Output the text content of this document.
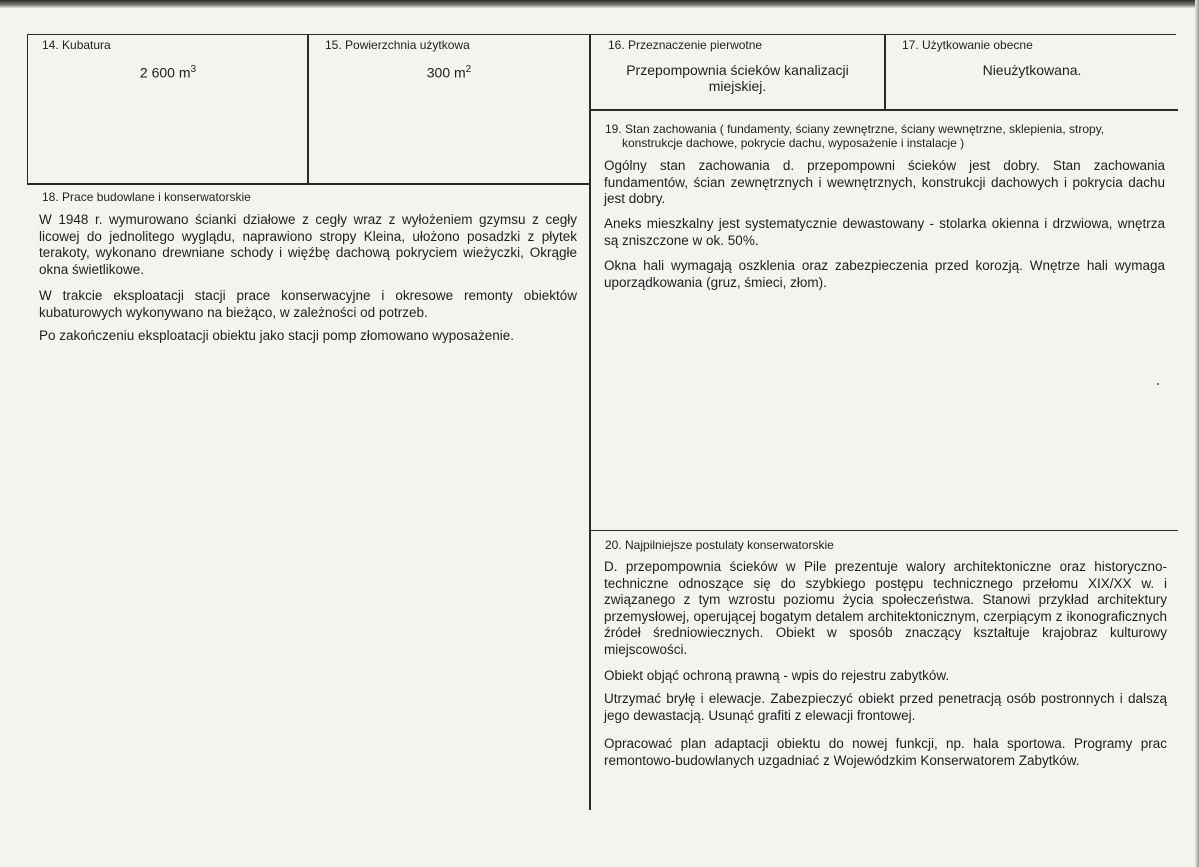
14. Kubatura
2 600 $m^3$
15. Powierzchnia użytkowa
300 $m^2$
16. Przeznaczenie pierwotne
Przepompownia ścieków kanalizacji
miejskiej.
17. Użytkowanie obecne
Nieużytkowana.
18. Prace budowlane i konserwatorskie

W 1948 r. wymurowano ścianki działowe z cegły wraz z wyłożeniem gzymsu z cegły licowej do jednolitego wyglądu, naprawiono stropy Kleina, ułożono posadzki z płytek terakoty, wykonano drewniane schody i więźbę dachową pokryciem wieżyczki, Okrągłe okna świetlikowe.

W trakcie eksploatacji stacji prace konserwacyjne i okresowe remonty obiektów kubaturowych wykonywano na bieżąco, w zależności od potrzeb.

Po zakończeniu eksploatacji obiektu jako stacji pomp złomowano wyposażenie.

19. Stan zachowania ( fundamenty, ściany zewnętrzne, ściany wewnętrzne, sklepienia, stropy,
konstrukcje dachowe, pokrycie dachu, wyposażenie i instalacje )

Ogólny stan zachowania d. przepompowni ścieków jest dobry. Stan zachowania fundamentów, ścian zewnętrznych i wewnętrznych, konstrukcji dachowych i pokrycia dachu jest dobry.

Aneks mieszkalny jest systematycznie dewastowany - stolarka okienna i drzwiowa, wnętrza są zniszczone w ok. 50%.

Okna hali wymagają oszklenia oraz zabezpieczenia przed korozją. Wnętrze hali wymaga uporządkowania (gruz, śmieci, złom).

20. Najpilniejsze postulaty konserwatorskie

D. przepompownia ścieków w Pile prezentuje walory architektoniczne oraz historyczno-techniczne odnoszące się do szybkiego postępu technicznego przełomu XIX/XX w. i związanego z tym wzrostu poziomu życia społeczeństwa. Stanowi przykład architektury przemysłowej, operującej bogatym detalem architektonicznym, czerpiącym z ikonograficznych źródeł średniowiecznych. Obiekt w sposób znaczący kształtuje krajobraz kulturowy miejscowości.

Obiekt objąć ochroną prawną - wpis do rejestru zabytków.

Utrzymać bryłę i elewacje. Zabezpieczyć obiekt przed penetracją osób postronnych i dalszą jego dewastacją. Usunąć grafiti z elewacji frontowej.

Opracować plan adaptacji obiektu do nowej funkcji, np. hala sportowa. Programy prac remontowo-budowlanych uzgadniać z Wojewódzkim Konserwatorem Zabytków.
